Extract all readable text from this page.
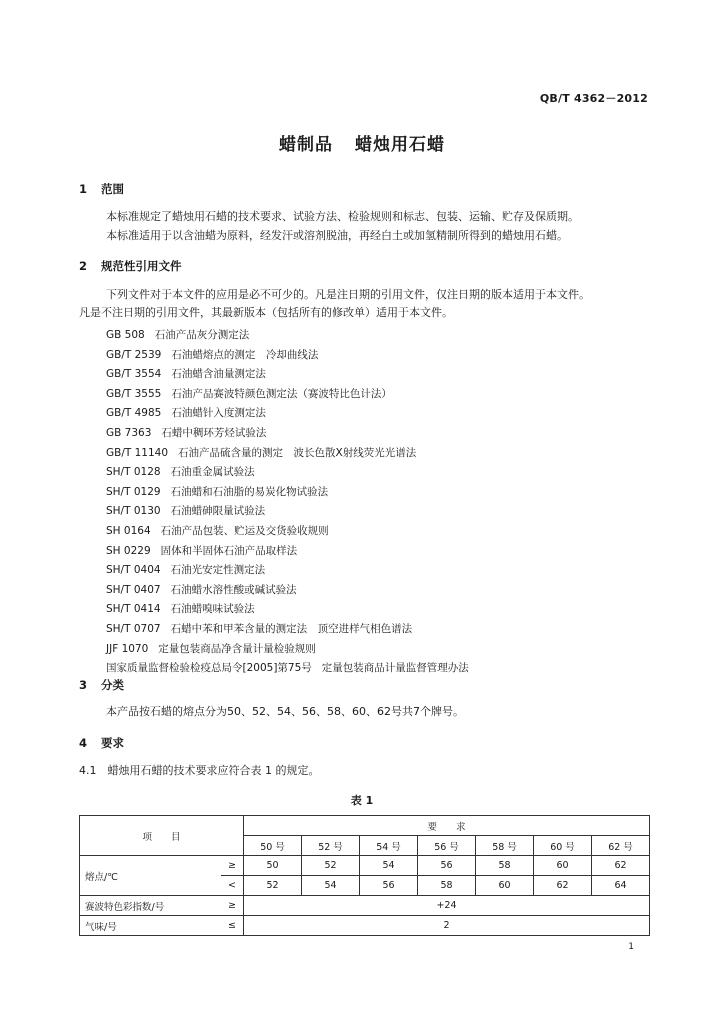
QB/T 4362－2012
蜡制品 蜡烛用石蜡
1 范围
本标准规定了蜡烛用石蜡的技术要求、试验方法、检验规则和标志、包装、运输、贮存及保质期。
本标准适用于以含油蜡为原料，经发汗或溶剂脱油，再经白土或加氢精制所得到的蜡烛用石蜡。
2 规范性引用文件
下列文件对于本文件的应用是必不可少的。凡是注日期的引用文件，仅注日期的版本适用于本文件。
凡是不注日期的引用文件，其最新版本（包括所有的修改单）适用于本文件。
GB 508 石油产品灰分测定法
GB/T 2539 石油蜡熔点的测定　冷却曲线法
GB/T 3554 石油蜡含油量测定法
GB/T 3555 石油产品赛波特颜色测定法（赛波特比色计法）
GB/T 4985 石油蜡针入度测定法
GB 7363 石蜡中稠环芳烃试验法
GB/T 11140 石油产品硫含量的测定　波长色散X射线荧光光谱法
SH/T 0128 石油重金属试验法
SH/T 0129 石油蜡和石油脂的易炭化物试验法
SH/T 0130 石油蜡砷限量试验法
SH 0164 石油产品包装、贮运及交货验收规则
SH 0229 固体和半固体石油产品取样法
SH/T 0404 石油光安定性测定法
SH/T 0407 石油蜡水溶性酸或碱试验法
SH/T 0414 石油蜡嗅味试验法
SH/T 0707 石蜡中苯和甲苯含量的测定法　顶空进样气相色谱法
JJF 1070 定量包装商品净含量计量检验规则
国家质量监督检验检疫总局令[2005]第75号 定量包装商品计量监督管理办法
3 分类
本产品按石蜡的熔点分为50、52、54、56、58、60、62号共7个牌号。
4 要求
4.1　蜡烛用石蜡的技术要求应符合表 1 的规定。
表 1
项　　目		要　　求						
		50 号	52 号	54 号	56 号	58 号	60 号	62 号
熔点/℃	≥	50	52	54	56	58	60	62
	<	52	54	56	58	60	62	64
赛波特色彩指数/号	≥	+24						
气味/号	≤	2						
1
